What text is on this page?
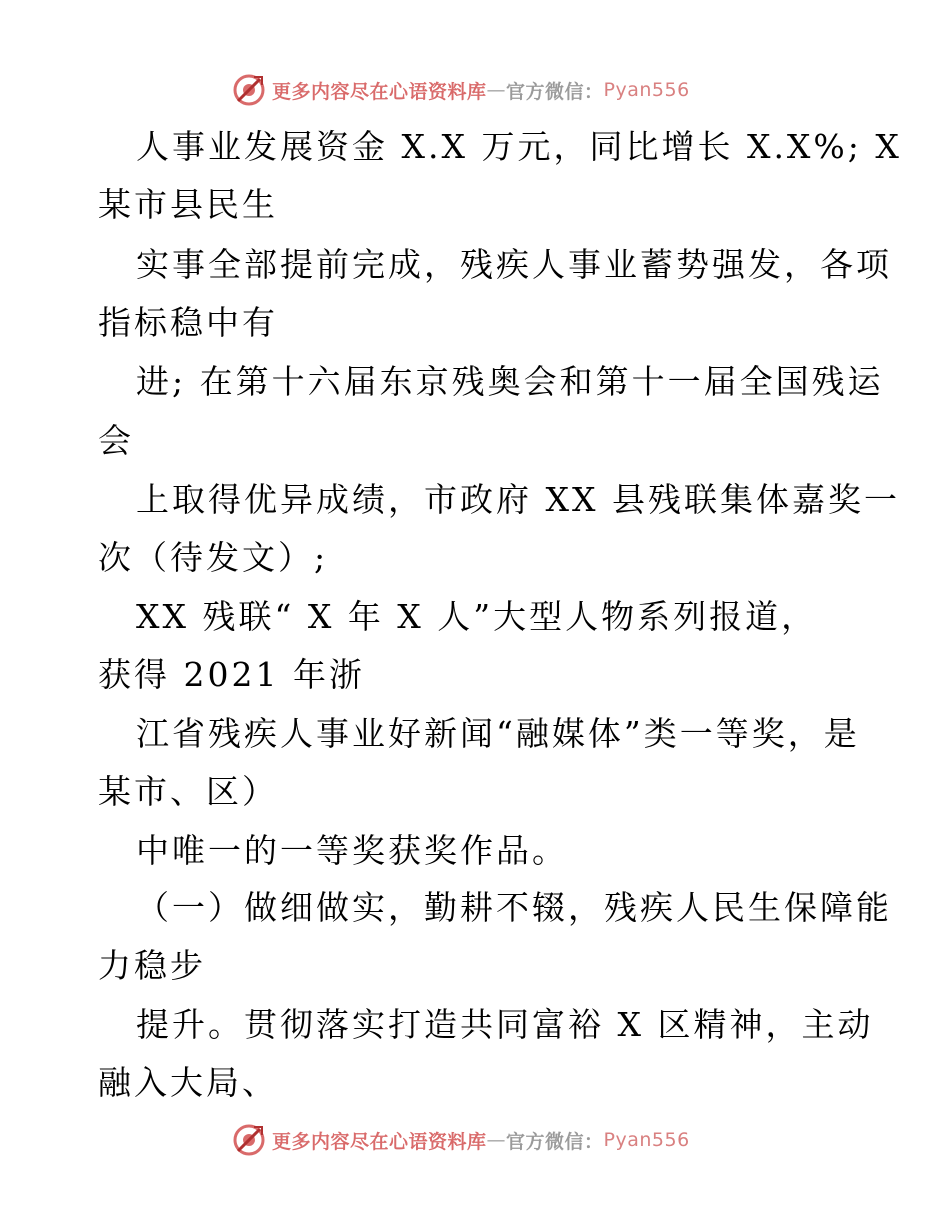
更多内容尽在心语资料库 — 官方微信： Pyan556
人事业发展资金 X.X 万元，同比增长 X.X%; X
某市县民生
实事全部提前完成，残疾人事业蓄势强发，各项
指标稳中有
进; 在第十六届东京残奥会和第十一届全国残运
会
上取得优异成绩，市政府 XX 县残联集体嘉奖一
次（待发文）;
XX 残联“ X 年 X 人”大型人物系列报道，
获得 2021 年浙
江省残疾人事业好新闻“融媒体”类一等奖，是
某市、区）
中唯一的一等奖获奖作品。
（一）做细做实，勤耕不辍，残疾人民生保障能
力稳步
提升。贯彻落实打造共同富裕 X 区精神，主动
融入大局、
更多内容尽在心语资料库 — 官方微信： Pyan556
